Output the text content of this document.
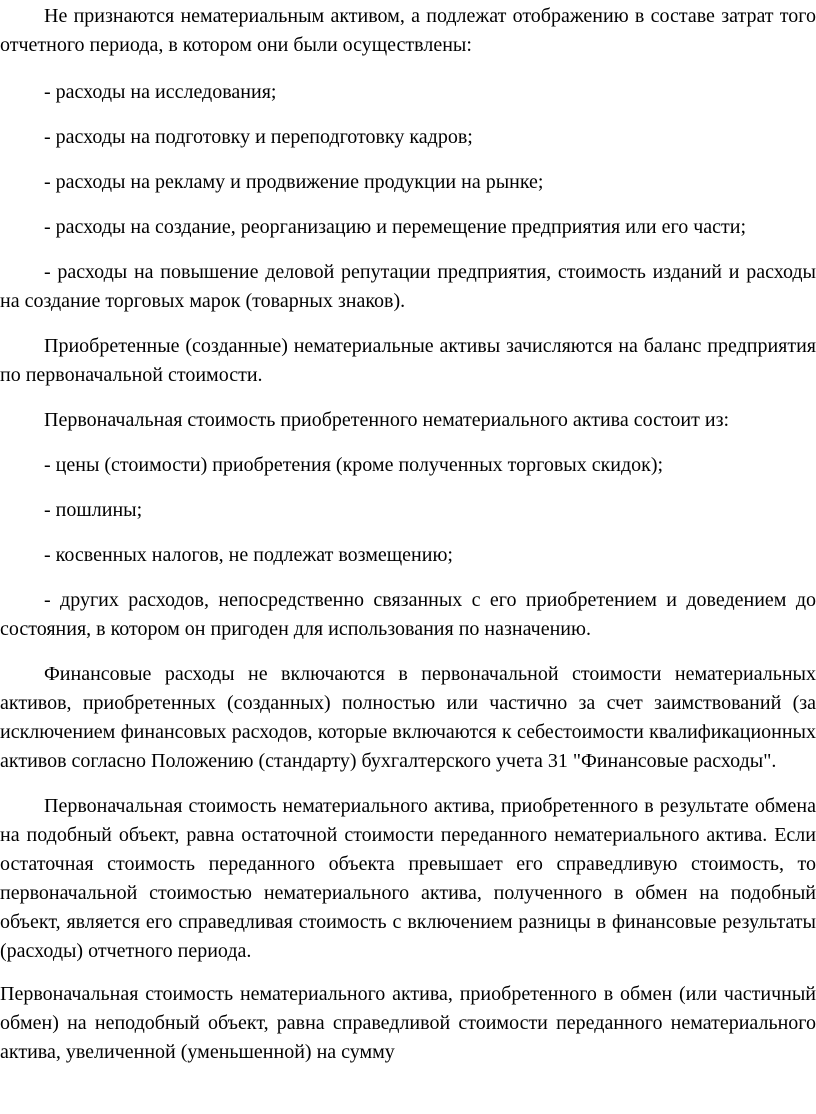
Не признаются нематериальным активом, а подлежат отображению в составе затрат того отчетного периода, в котором они были осуществлены:

- расходы на исследования;

- расходы на подготовку и переподготовку кадров;

- расходы на рекламу и продвижение продукции на рынке;

- расходы на создание, реорганизацию и перемещение предприятия или его части;

- расходы на повышение деловой репутации предприятия, стоимость изданий и расходы на создание торговых марок (товарных знаков).

Приобретенные (созданные) нематериальные активы зачисляются на баланс предприятия по первоначальной стоимости.

Первоначальная стоимость приобретенного нематериального актива состоит из:

- цены (стоимости) приобретения (кроме полученных торговых скидок);

- пошлины;

- косвенных налогов, не подлежат возмещению;

- других расходов, непосредственно связанных с его приобретением и доведением до состояния, в котором он пригоден для использования по назначению.

Финансовые расходы не включаются в первоначальной стоимости нематериальных активов, приобретенных (созданных) полностью или частично за счет заимствований (за исключением финансовых расходов, которые включаются к себестоимости квалификационных активов согласно Положению (стандарту) бухгалтерского учета 31 "Финансовые расходы".

Первоначальная стоимость нематериального актива, приобретенного в результате обмена на подобный объект, равна остаточной стоимости переданного нематериального актива. Если остаточная стоимость переданного объекта превышает его справедливую стоимость, то первоначальной стоимостью нематериального актива, полученного в обмен на подобный объект, является его справедливая стоимость с включением разницы в финансовые результаты (расходы) отчетного периода.

Первоначальная стоимость нематериального актива, приобретенного в обмен (или частичный обмен) на неподобный объект, равна справедливой стоимости переданного нематериального актива, увеличенной (уменьшенной) на сумму
